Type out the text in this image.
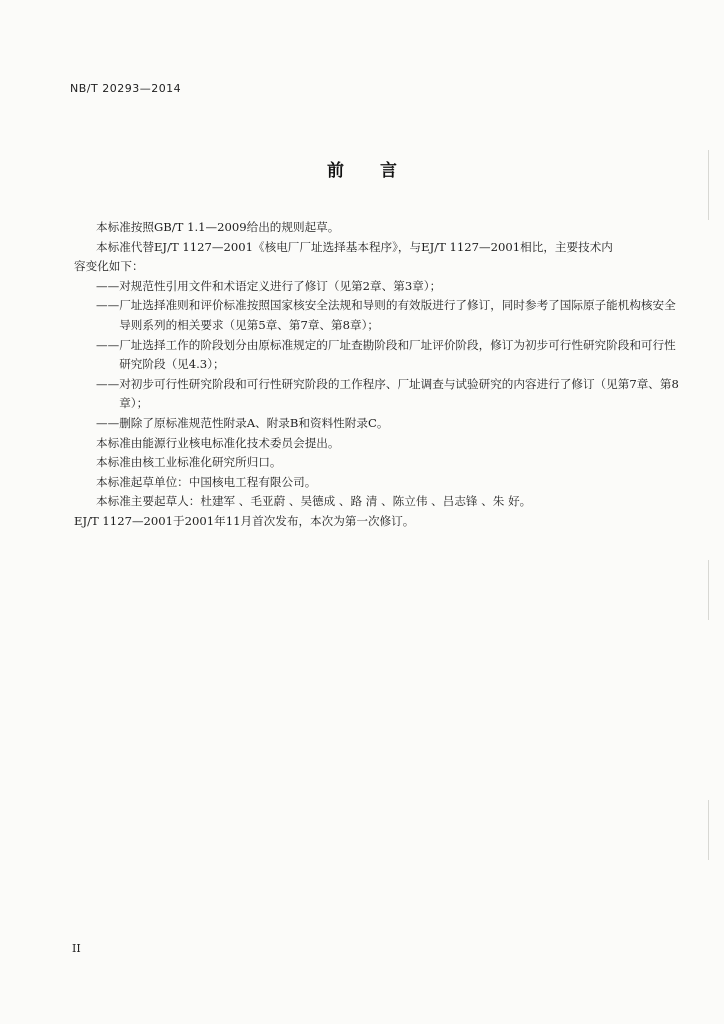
NB/T 20293—2014
前 言

本标准按照GB/T 1.1—2009给出的规则起草。

本标准代替EJ/T 1127—2001《核电厂厂址选择基本程序》，与EJ/T 1127—2001相比，主要技术内

容变化如下：

—— 对规范性引用文件和术语定义进行了修订（见第2章、第3章）；
—— 厂址选择准则和评价标准按照国家核安全法规和导则的有效版进行了修订，同时参考了国际原子能机构核安全导则系列的相关要求（见第5章、第7章、第8章）；
—— 厂址选择工作的阶段划分由原标准规定的厂址查勘阶段和厂址评价阶段，修订为初步可行性研究阶段和可行性研究阶段（见4.3）；
—— 对初步可行性研究阶段和可行性研究阶段的工作程序、厂址调查与试验研究的内容进行了修订（见第7章、第8章）；
—— 删除了原标准规范性附录A、附录B和资料性附录C。

本标准由能源行业核电标准化技术委员会提出。

本标准由核工业标准化研究所归口。

本标准起草单位：中国核电工程有限公司。

本标准主要起草人：杜建军 、毛亚蔚 、吴德成 、路 清 、陈立伟 、吕志锋 、朱 好。

EJ/T 1127—2001于2001年11月首次发布，本次为第一次修订。

II
